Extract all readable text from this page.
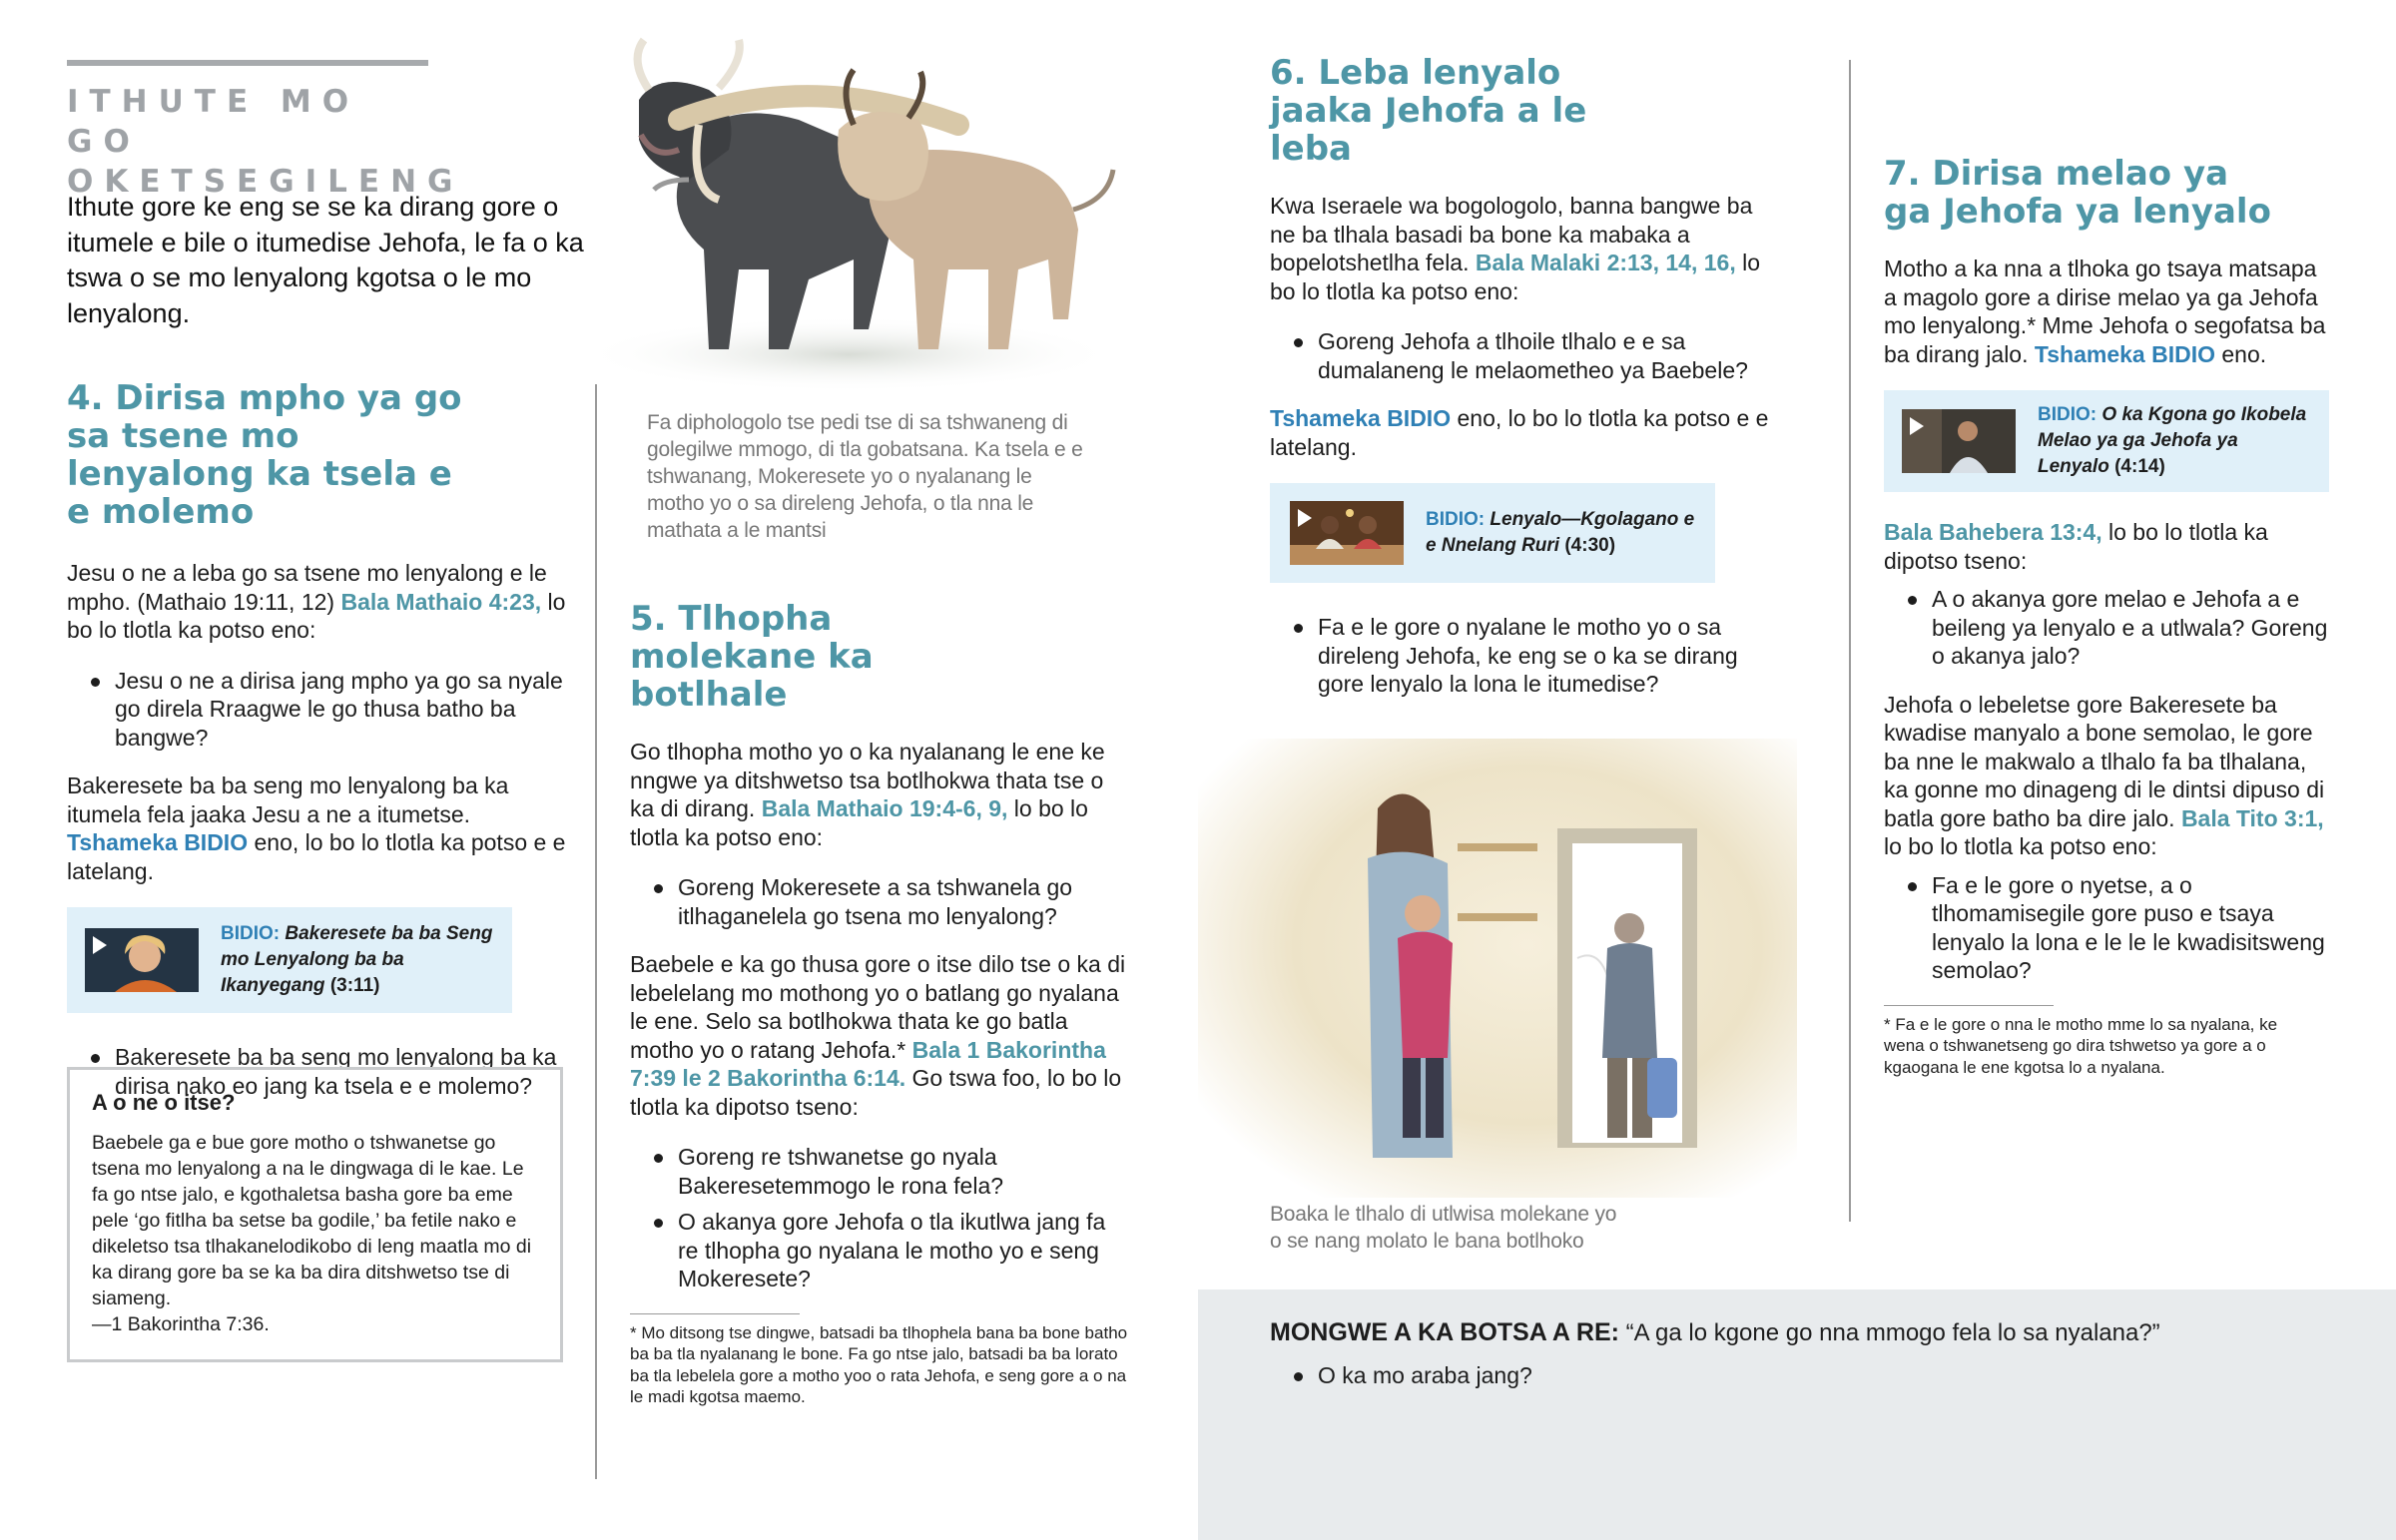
ITHUTE MO GO OKETSEGILENG
Ithute gore ke eng se se ka dirang gore o itumele e bile o itumedise Jehofa, le fa o ka tswa o se mo lenyalong kgotsa o le mo lenyalong.
4. Dirisa mpho ya go sa tsene mo lenyalong ka tsela e e molemo

Jesu o ne a leba go sa tsene mo lenyalong e le mpho. (Mathaio 19:11, 12) Bala Mathaio 4:23, lo bo lo tlotla ka potso eno:

Jesu o ne a dirisa jang mpho ya go sa nyale go direla Rraagwe le go thusa batho ba bangwe?

Bakeresete ba ba seng mo lenyalong ba ka itumela fela jaaka Jesu a ne a itumetse. Tshameka BIDIO eno, lo bo lo tlotla ka potso e e latelang.

BIDIO: Bakeresete ba ba Seng mo Lenyalong ba ba Ikanyegang (3:11)
Bakeresete ba ba seng mo lenyalong ba ka dirisa nako eo jang ka tsela e e molemo?
A o ne o itse?
Baebele ga e bue gore motho o tshwanetse go tsena mo lenyalong a na le dingwaga di le kae. Le fa go ntse jalo, e kgothaletsa basha gore ba eme pele ‘go fitlha ba setse ba godile,’ ba fetile nako e dikeletso tsa tlhakanelodikobo di leng maatla mo di ka dirang gore ba se ka ba dira ditshwetso tse di siameng.
—1 Bakorintha 7:36.
Fa diphologolo tse pedi tse di sa tshwaneng di golegilwe mmogo, di tla gobatsana. Ka tsela e e tshwanang, Mokeresete yo o nyalanang le motho yo o sa direleng Jehofa, o tla nna le mathata a le mantsi
5. Tlhopha molekane ka botlhale

Go tlhopha motho yo o ka nyalanang le ene ke nngwe ya ditshwetso tsa botlhokwa thata tse o ka di dirang. Bala Mathaio 19:4-6, 9, lo bo lo tlotla ka potso eno:

Goreng Mokeresete a sa tshwanela go itlhaganelela go tsena mo lenyalong?

Baebele e ka go thusa gore o itse dilo tse o ka di lebelelang mo mothong yo o batlang go nyalana le ene. Selo sa botlhokwa thata ke go batla motho yo o ratang Jehofa.* Bala 1 Bakorintha 7:39 le 2 Bakorintha 6:14. Go tswa foo, lo bo lo tlotla ka dipotso tseno:

Goreng re tshwanetse go nyala Bakeresetemmogo le rona fela?
O akanya gore Jehofa o tla ikutlwa jang fa re tlhopha go nyalana le motho yo e seng Mokeresete?
* Mo ditsong tse dingwe, batsadi ba tlhophela bana ba bone batho ba ba tla nyalanang le bone. Fa go ntse jalo, batsadi ba ba lorato ba tla lebelela gore a motho yoo o rata Jehofa, e seng gore a o na le madi kgotsa maemo.
6. Leba lenyalo jaaka Jehofa a le leba

Kwa Iseraele wa bogologolo, banna bangwe ba ne ba tlhala basadi ba bone ka mabaka a bopelotshetlha fela. Bala Malaki 2:13, 14, 16, lo bo lo tlotla ka potso eno:

Goreng Jehofa a tlhoile tlhalo e e sa dumalaneng le melaometheo ya Baebele?

Tshameka BIDIO eno, lo bo lo tlotla ka potso e e latelang.

BIDIO: Lenyalo—Kgolagano e e Nnelang Ruri (4:30)
Fa e le gore o nyalane le motho yo o sa direleng Jehofa, ke eng se o ka se dirang gore lenyalo la lona le itumedise?
Boaka le tlhalo di utlwisa molekane yo o se nang molato le bana botlhoko
7. Dirisa melao ya ga Jehofa ya lenyalo

Motho a ka nna a tlhoka go tsaya matsapa a magolo gore a dirise melao ya ga Jehofa mo lenyalong.* Mme Jehofa o segofatsa ba ba dirang jalo. Tshameka BIDIO eno.

BIDIO: O ka Kgona go Ikobela Melao ya ga Jehofa ya Lenyalo (4:14)

Bala Bahebera 13:4, lo bo lo tlotla ka dipotso tseno:

A o akanya gore melao e Jehofa a e beileng ya lenyalo e a utlwala? Goreng o akanya jalo?

Jehofa o lebeletse gore Bakeresete ba kwadise manyalo a bone semolao, le gore ba nne le makwalo a tlhalo fa ba tlhalana, ka gonne mo dinageng di le dintsi dipuso di batla gore batho ba dire jalo. Bala Tito 3:1, lo bo lo tlotla ka potso eno:

Fa e le gore o nyetse, a o tlhomamisegile gore puso e tsaya lenyalo la lona e le le le kwadisitsweng semolao?
* Fa e le gore o nna le motho mme lo sa nyalana, ke wena o tshwanetseng go dira tshwetso ya gore a o kgaogana le ene kgotsa lo a nyalana.
MONGWE A KA BOTSA A RE: “A ga lo kgone go nna mmogo fela lo sa nyalana?”
O ka mo araba jang?
